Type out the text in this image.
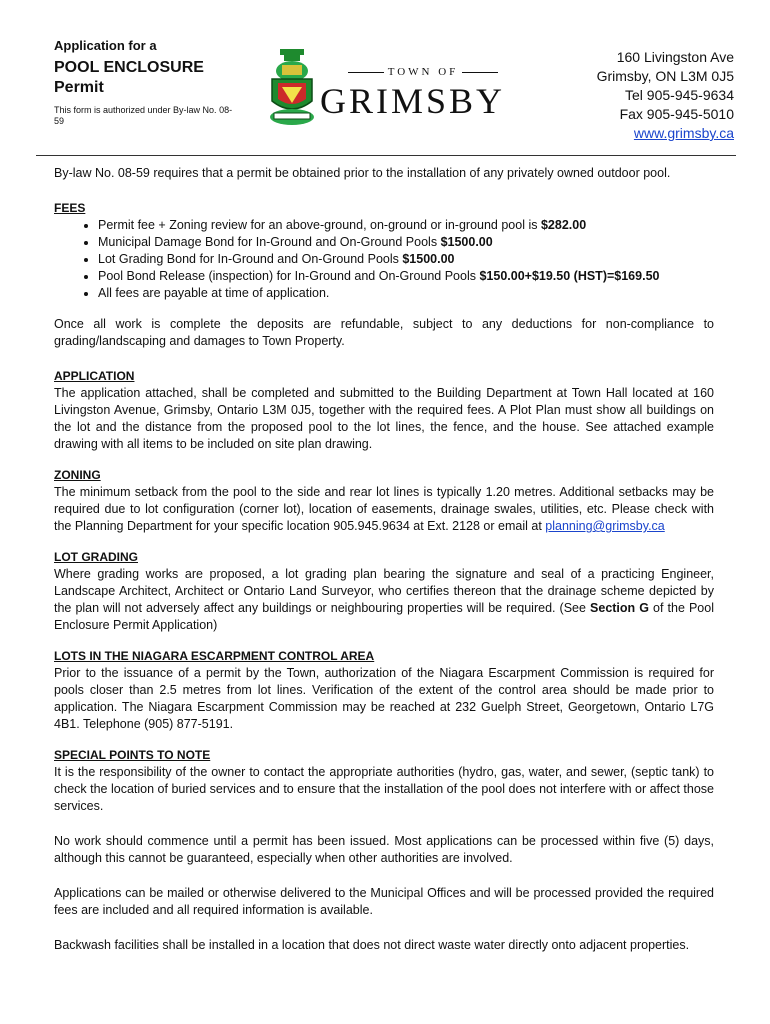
Application for a

POOL ENCLOSURE

Permit

This form is authorized under By-law No. 08-59

TOWN OF
GRIMSBY
160 Livingston Ave
Grimsby, ON L3M 0J5
Tel 905-945-9634
Fax 905-945-5010
www.grimsby.ca

By-law No. 08-59 requires that a permit be obtained prior to the installation of any privately owned outdoor pool.

FEES

• Permit fee + Zoning review for an above-ground, on-ground or in-ground pool is $282.00
• Municipal Damage Bond for In-Ground and On-Ground Pools $1500.00
• Lot Grading Bond for In-Ground and On-Ground Pools $1500.00
• Pool Bond Release (inspection) for In-Ground and On-Ground Pools $150.00+$19.50 (HST)=$169.50
• All fees are payable at time of application.

Once all work is complete the deposits are refundable, subject to any deductions for non-compliance to grading/landscaping and damages to Town Property.

APPLICATION

The application attached, shall be completed and submitted to the Building Department at Town Hall located at 160 Livingston Avenue, Grimsby, Ontario L3M 0J5, together with the required fees. A Plot Plan must show all buildings on the lot and the distance from the proposed pool to the lot lines, the fence, and the house. See attached example drawing with all items to be included on site plan drawing.

ZONING

The minimum setback from the pool to the side and rear lot lines is typically 1.20 metres. Additional setbacks may be required due to lot configuration (corner lot), location of easements, drainage swales, utilities, etc. Please check with the Planning Department for your specific location 905.945.9634 at Ext. 2128 or email at planning@grimsby.ca

LOT GRADING

Where grading works are proposed, a lot grading plan bearing the signature and seal of a practicing Engineer, Landscape Architect, Architect or Ontario Land Surveyor, who certifies thereon that the drainage scheme depicted by the plan will not adversely affect any buildings or neighbouring properties will be required. (See Section G of the Pool Enclosure Permit Application)

LOTS IN THE NIAGARA ESCARPMENT CONTROL AREA

Prior to the issuance of a permit by the Town, authorization of the Niagara Escarpment Commission is required for pools closer than 2.5 metres from lot lines. Verification of the extent of the control area should be made prior to application. The Niagara Escarpment Commission may be reached at 232 Guelph Street, Georgetown, Ontario L7G 4B1. Telephone (905) 877-5191.

SPECIAL POINTS TO NOTE

It is the responsibility of the owner to contact the appropriate authorities (hydro, gas, water, and sewer, (septic tank) to check the location of buried services and to ensure that the installation of the pool does not interfere with or affect those services.

No work should commence until a permit has been issued. Most applications can be processed within five (5) days, although this cannot be guaranteed, especially when other authorities are involved.

Applications can be mailed or otherwise delivered to the Municipal Offices and will be processed provided the required fees are included and all required information is available.

Backwash facilities shall be installed in a location that does not direct waste water directly onto adjacent properties.
